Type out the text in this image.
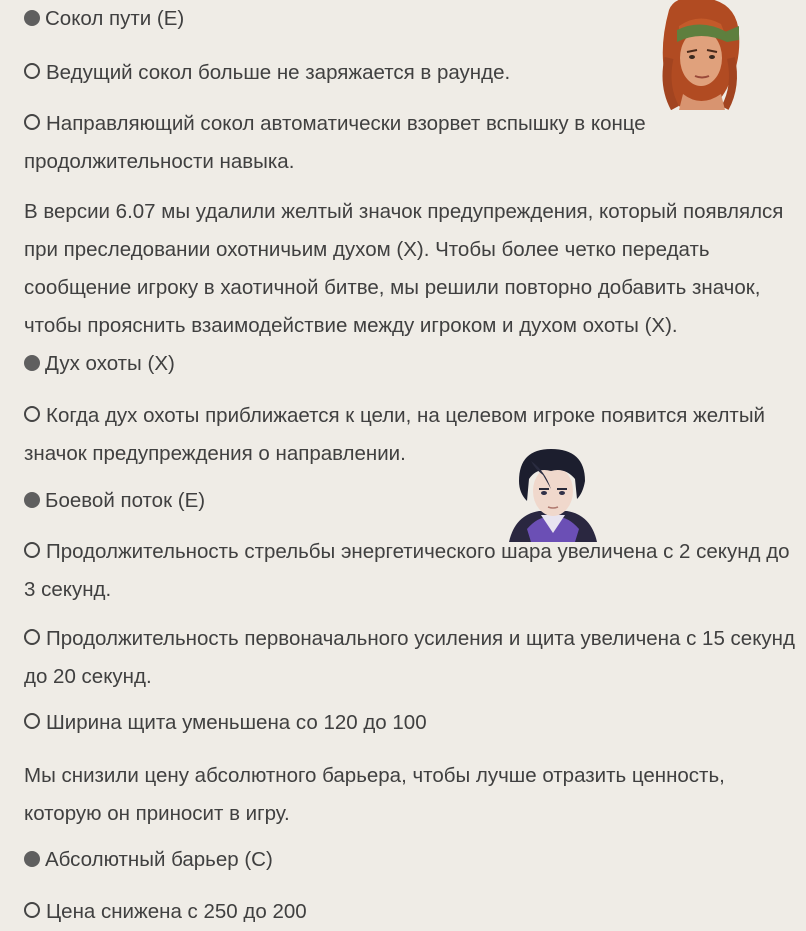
Сокол пути (E)
Ведущий сокол больше не заряжается в раунде.
Направляющий сокол автоматически взорвет вспышку в конце продолжительности навыка.
В версии 6.07 мы удалили желтый значок предупреждения, который появлялся при преследовании охотничьим духом (X). Чтобы более четко передать сообщение игроку в хаотичной битве, мы решили повторно добавить значок, чтобы прояснить взаимодействие между игроком и духом охоты (X).
Дух охоты (X)
Когда дух охоты приближается к цели, на целевом игроке появится желтый значок предупреждения о направлении.
Боевой поток (E)
Продолжительность стрельбы энергетического шара увеличена с 2 секунд до 3 секунд.
Продолжительность первоначального усиления и щита увеличена с 15 секунд до 20 секунд.
Ширина щита уменьшена со 120 до 100
Мы снизили цену абсолютного барьера, чтобы лучше отразить ценность, которую он приносит в игру.
Абсолютный барьер (C)
Цена снижена с 250 до 200
